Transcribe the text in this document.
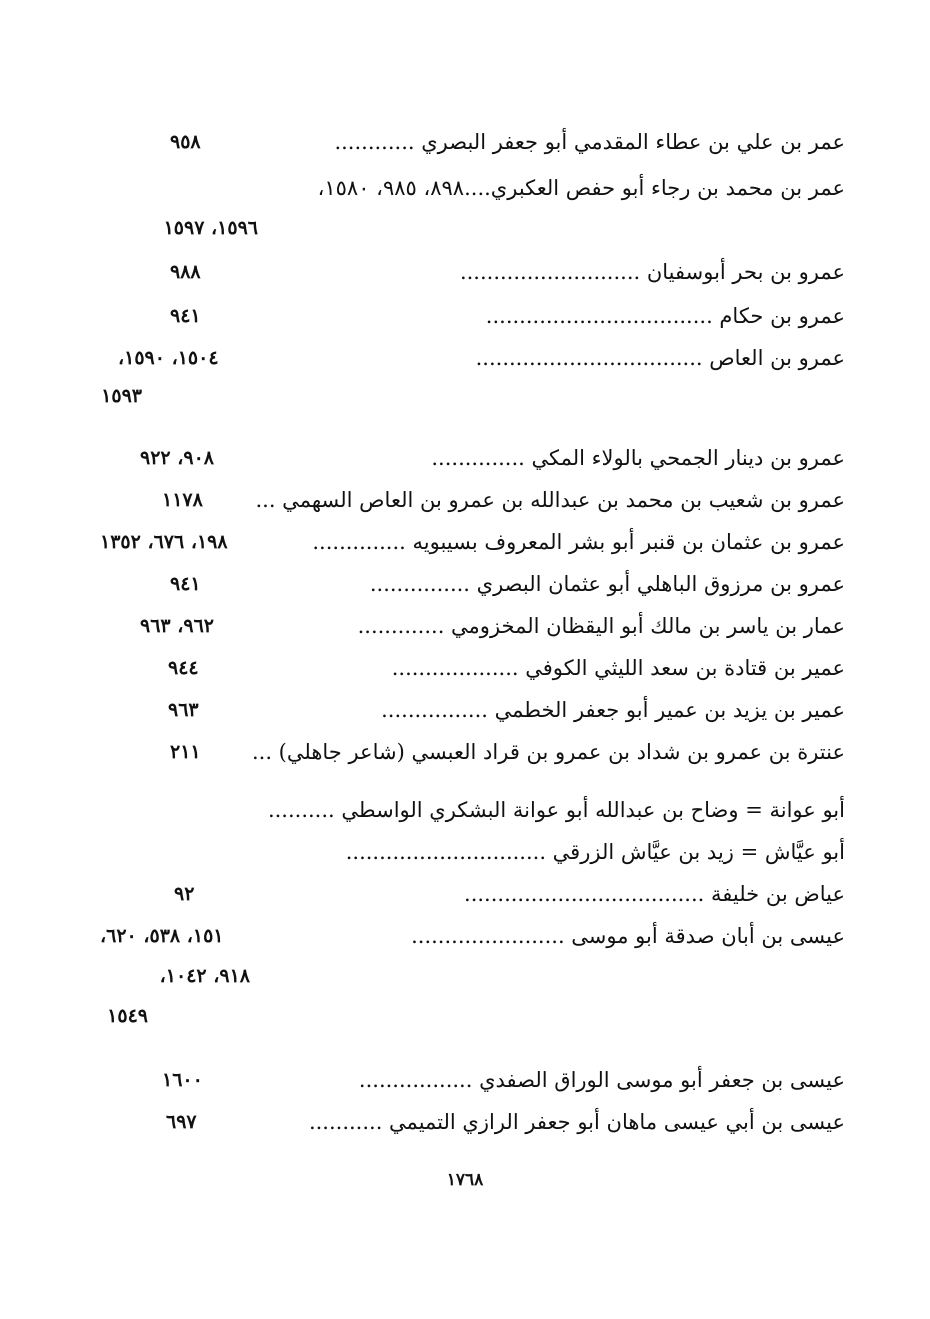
عمر بن علي بن عطاء المقدمي أبو جعفر البصري ............
٩٥٨
عمر بن محمد بن رجاء أبو حفص العكبري....٨٩٨، ٩٨٥، ١٥٨٠،
١٥٩٦، ١٥٩٧
عمرو بن بحر أبوسفيان ...........................
٩٨٨
عمرو بن حكام ..................................
٩٤١
عمرو بن العاص ..................................
١٥٠٤، ١٥٩٠،
١٥٩٣
عمرو بن دينار الجمحي بالولاء المكي ..............
٩٠٨، ٩٢٢
عمرو بن شعيب بن محمد بن عبدالله بن عمرو بن العاص السهمي ...
١١٧٨
عمرو بن عثمان بن قنبر أبو بشر المعروف بسيبويه ..............
١٩٨، ٦٧٦، ١٣٥٢
عمرو بن مرزوق الباهلي أبو عثمان البصري ...............
٩٤١
عمار بن ياسر بن مالك أبو اليقظان المخزومي .............
٩٦٢، ٩٦٣
عمير بن قتادة بن سعد الليثي الكوفي ...................
٩٤٤
عمير بن يزيد بن عمير أبو جعفر الخطمي ................
٩٦٣
عنترة بن عمرو بن شداد بن عمرو بن قراد العبسي (شاعر جاهلي) ...
٢١١
أبو عوانة = وضاح بن عبدالله أبو عوانة البشكري الواسطي ..........
أبو عيَّاش = زيد بن عيَّاش الزرقي ..............................
عياض بن خليفة ....................................
٩٢
عيسى بن أبان صدقة أبو موسى .......................
١٥١، ٥٣٨، ٦٢٠،
٩١٨، ١٠٤٢،
١٥٤٩
عيسى بن جعفر أبو موسى الوراق الصفدي .................
١٦٠٠
عيسى بن أبي عيسى ماهان أبو جعفر الرازي التميمي ...........
٦٩٧
١٧٦٨
